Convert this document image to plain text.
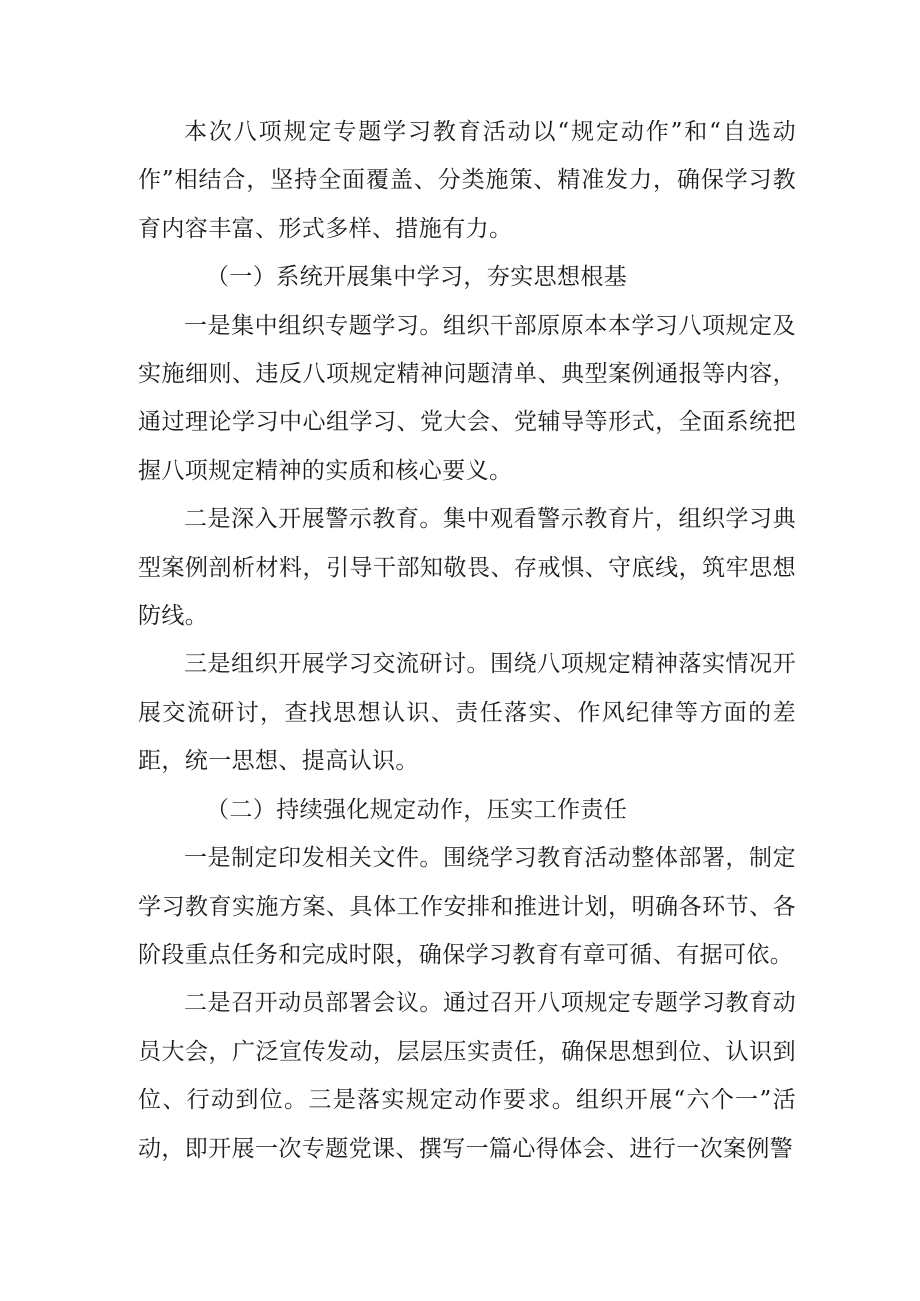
本次八项规定专题学习教育活动以“规定动作”和“自选动作”相结合，坚持全面覆盖、分类施策、精准发力，确保学习教育内容丰富、形式多样、措施有力。

（一）系统开展集中学习，夯实思想根基

一是集中组织专题学习。组织干部原原本本学习八项规定及实施细则、违反八项规定精神问题清单、典型案例通报等内容，通过理论学习中心组学习、党大会、党辅导等形式，全面系统把握八项规定精神的实质和核心要义。

二是深入开展警示教育。集中观看警示教育片，组织学习典型案例剖析材料，引导干部知敬畏、存戒惧、守底线，筑牢思想防线。

三是组织开展学习交流研讨。围绕八项规定精神落实情况开展交流研讨，查找思想认识、责任落实、作风纪律等方面的差距，统一思想、提高认识。

（二）持续强化规定动作，压实工作责任

一是制定印发相关文件。围绕学习教育活动整体部署，制定学习教育实施方案、具体工作安排和推进计划，明确各环节、各阶段重点任务和完成时限，确保学习教育有章可循、有据可依。

二是召开动员部署会议。通过召开八项规定专题学习教育动员大会，广泛宣传发动，层层压实责任，确保思想到位、认识到位、行动到位。三是落实规定动作要求。组织开展“六个一”活动，即开展一次专题党课、撰写一篇心得体会、进行一次案例警
